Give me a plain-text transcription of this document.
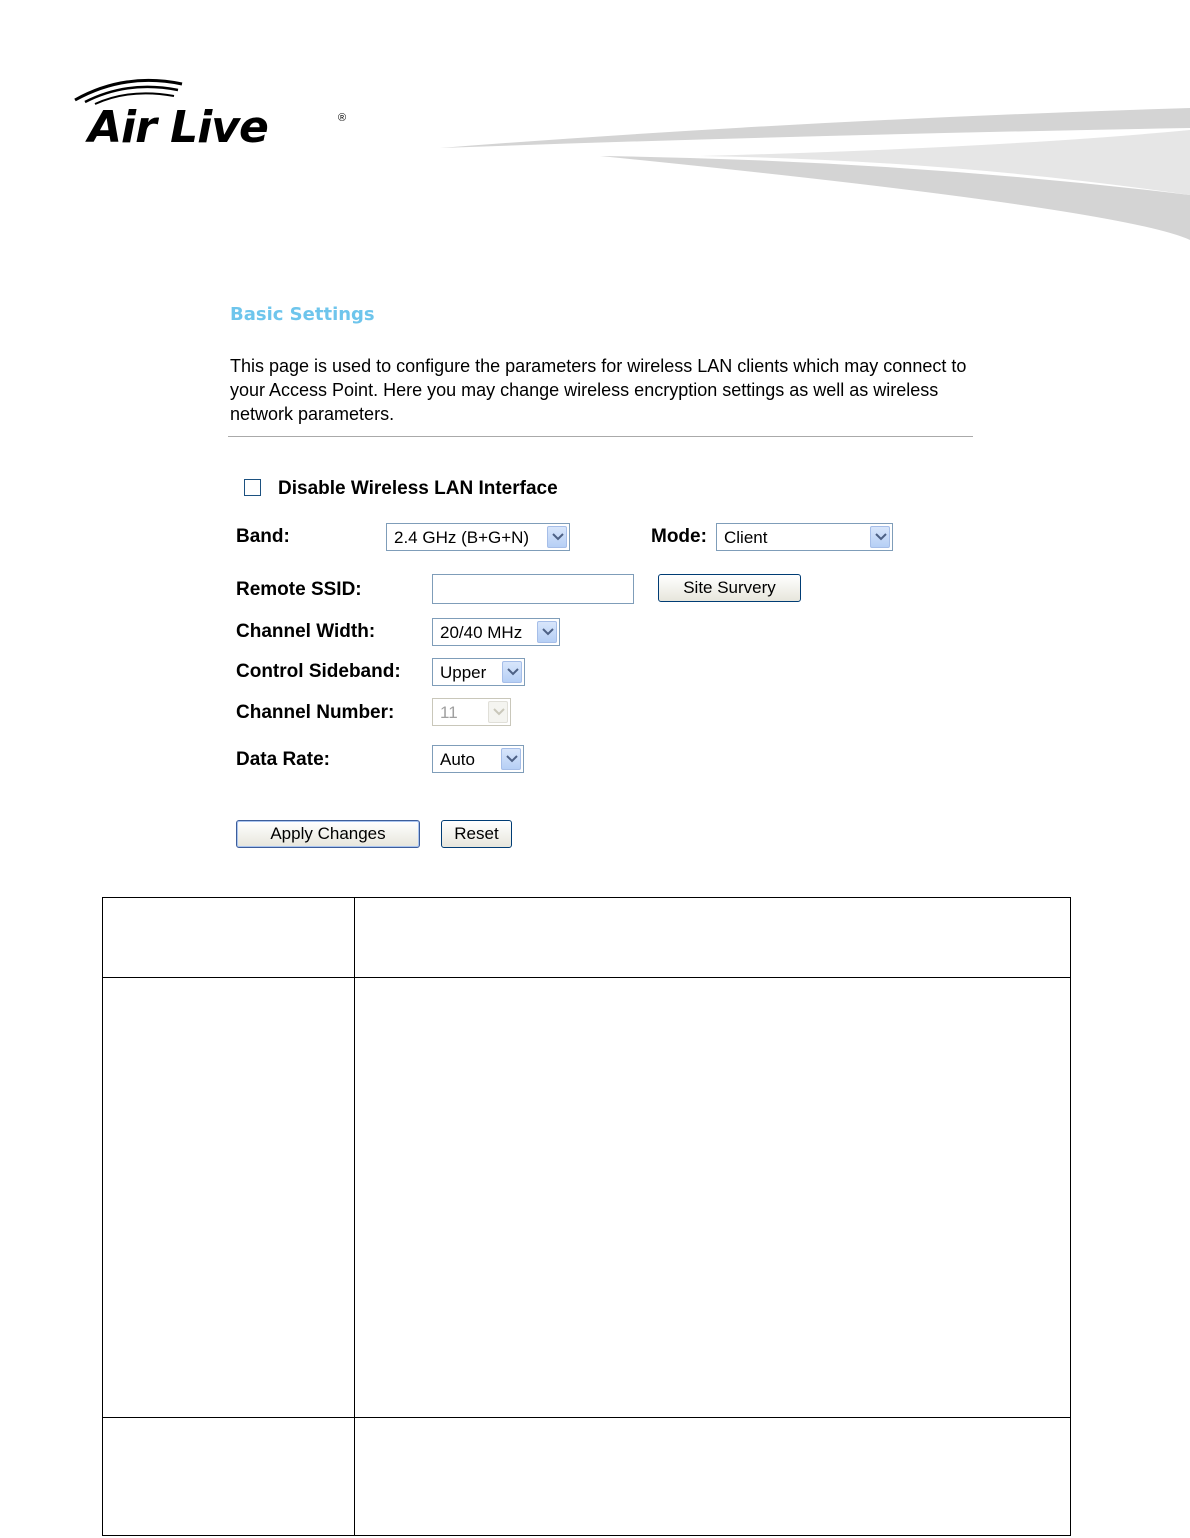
Air Live	®
Basic Settings
This page is used to configure the parameters for wireless LAN clients which may connect to your Access Point. Here you may change wireless encryption settings as well as wireless network parameters.
Disable Wireless LAN Interface
Band:	2.4 GHz (B+G+N)	Mode: Client
Remote SSID:	Site Survery
Channel Width:	20/40 MHz
Control Sideband: Upper
Channel Number:	11
Data Rate:	Auto
Apply Changes	Reset
